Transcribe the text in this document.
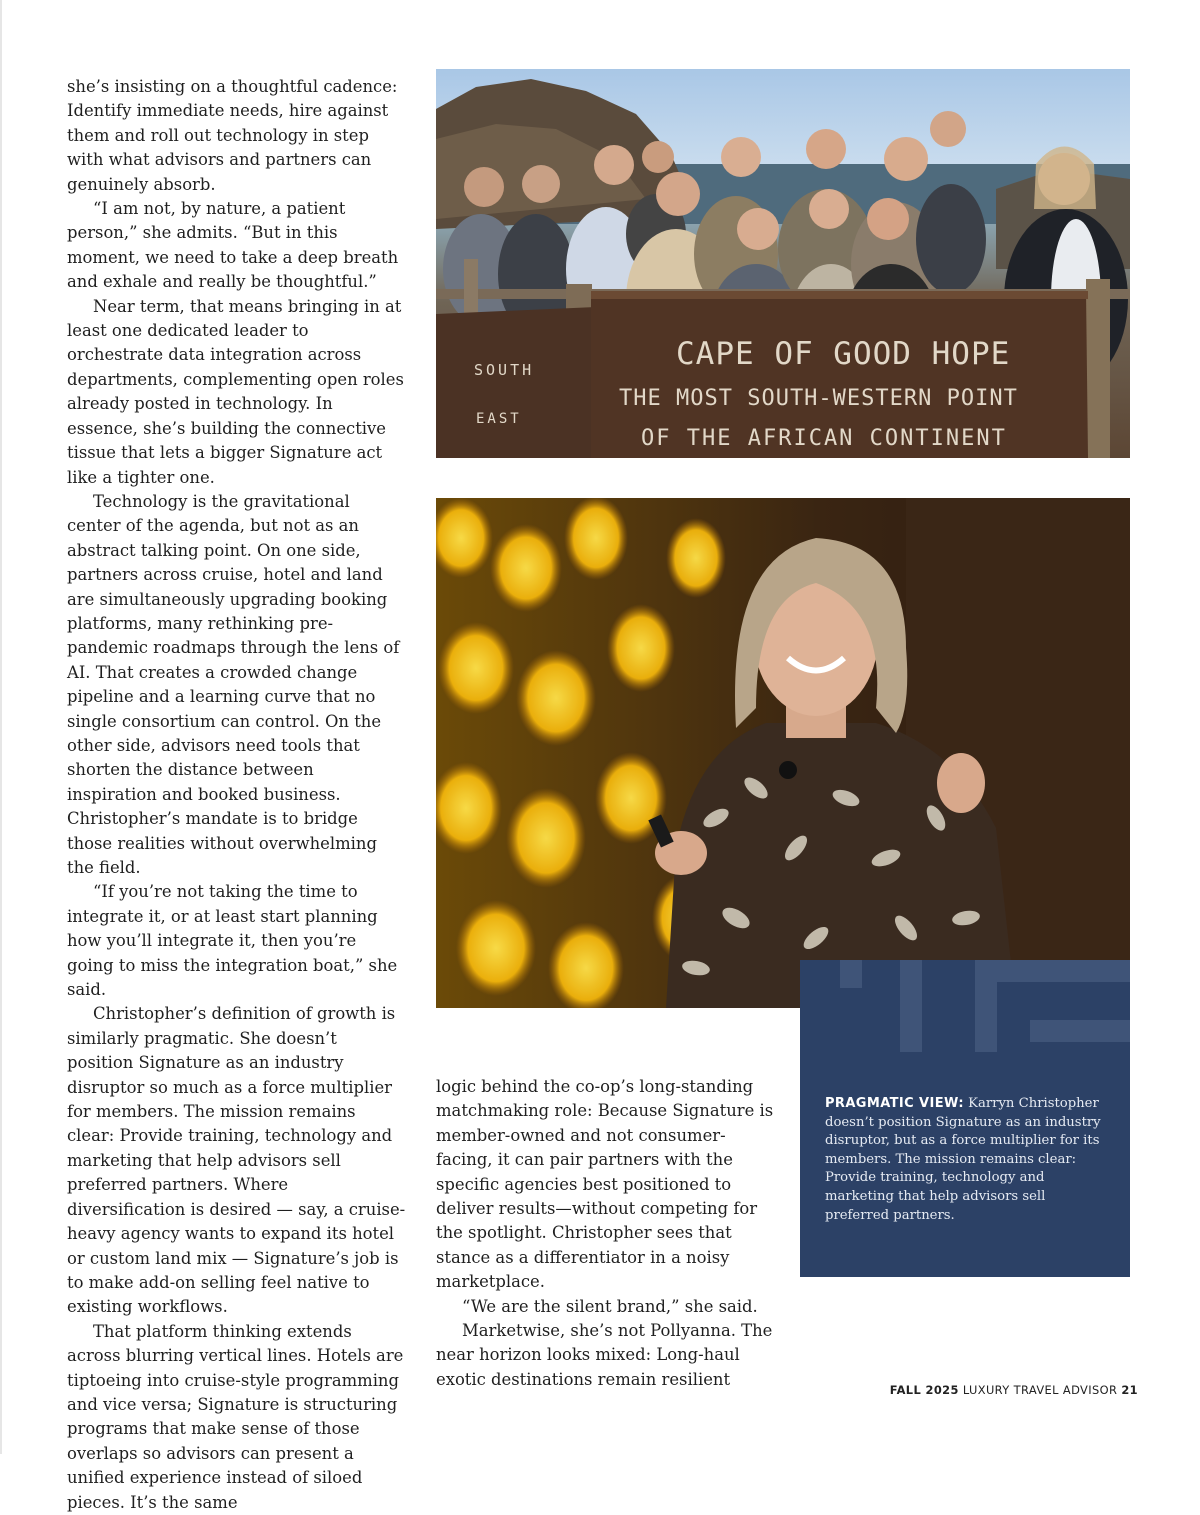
she’s insisting on a thoughtful cadence: Identify immediate needs, hire against them and roll out technology in step with what advisors and partners can genuinely absorb.

“I am not, by nature, a patient person,” she admits. “But in this moment, we need to take a deep breath and exhale and really be thoughtful.”

Near term, that means bringing in at least one dedicated leader to orchestrate data integration across departments, complementing open roles already posted in technology. In essence, she’s building the connective tissue that lets a bigger Signature act like a tighter one.

Technology is the gravitational center of the agenda, but not as an abstract talking point. On one side, partners across cruise, hotel and land are simultaneously upgrading booking platforms, many rethinking pre-pandemic roadmaps through the lens of AI. That creates a crowded change pipeline and a learning curve that no single consortium can control. On the other side, advisors need tools that shorten the distance between inspiration and booked business. Christopher’s mandate is to bridge those realities without overwhelming the field.

“If you’re not taking the time to integrate it, or at least start planning how you’ll integrate it, then you’re going to miss the integration boat,” she said.

Christopher’s definition of growth is similarly pragmatic. She doesn’t position Signature as an industry disruptor so much as a force multiplier for members. The mission remains clear: Provide training, technology and marketing that help advisors sell preferred partners. Where diversification is desired — say, a cruise-heavy agency wants to expand its hotel or custom land mix — Signature’s job is to make add-on selling feel native to existing workflows.

That platform thinking extends across blurring vertical lines. Hotels are tiptoeing into cruise-style programming and vice versa; Signature is structuring programs that make sense of those overlaps so advisors can present a unified experience instead of siloed pieces. It’s the same

SOUTH
EAST
CAPE OF GOOD HOPE
THE MOST SOUTH-WESTERN POINT
OF THE AFRICAN CONTINENT
PRAGMATIC VIEW: Karryn Christopher doesn’t position Signature as an industry disruptor, but as a force multiplier for its members. The mission remains clear: Provide training, technology and marketing that help advisors sell preferred partners.

logic behind the co-op’s long-standing matchmaking role: Because Signature is member-owned and not consumer-facing, it can pair partners with the specific agencies best positioned to deliver results—without competing for the spotlight. Christopher sees that stance as a differentiator in a noisy marketplace.

“We are the silent brand,” she said.

Marketwise, she’s not Pollyanna. The near horizon looks mixed: Long-haul exotic destinations remain resilient

FALL 2025 LUXURY TRAVEL ADVISOR 21
